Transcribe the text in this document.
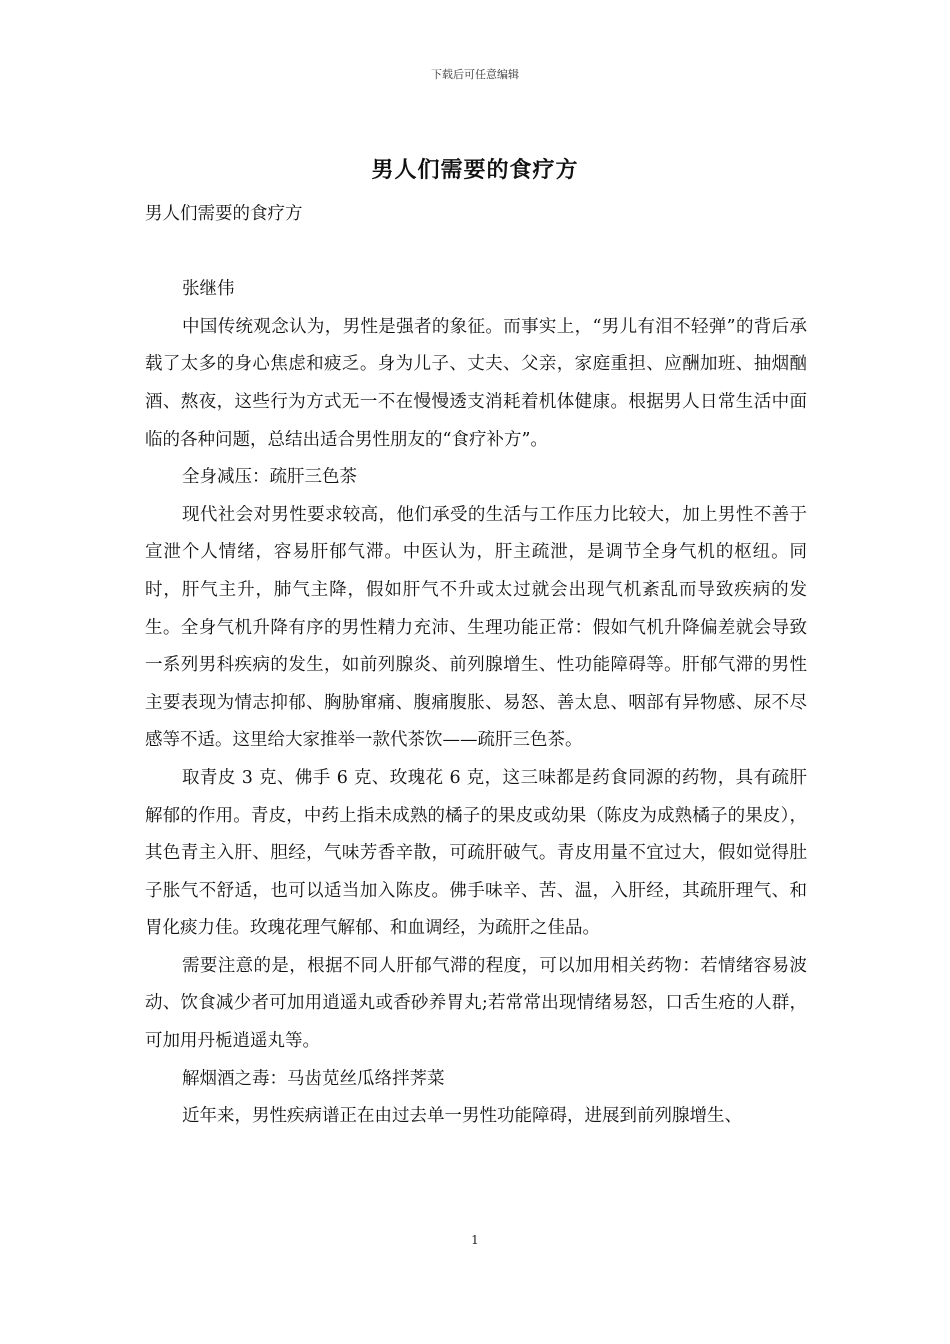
下载后可任意编辑
男人们需要的食疗方

男人们需要的食疗方

张继伟

中国传统观念认为，男性是强者的象征。而事实上，“男儿有泪不轻弹”的背后承载了太多的身心焦虑和疲乏。身为儿子、丈夫、父亲，家庭重担、应酬加班、抽烟酗酒、熬夜，这些行为方式无一不在慢慢透支消耗着机体健康。根据男人日常生活中面临的各种问题，总结出适合男性朋友的“食疗补方”。

全身减压：疏肝三色茶

现代社会对男性要求较高，他们承受的生活与工作压力比较大，加上男性不善于宣泄个人情绪，容易肝郁气滞。中医认为，肝主疏泄，是调节全身气机的枢纽。同时，肝气主升，肺气主降，假如肝气不升或太过就会出现气机紊乱而导致疾病的发生。全身气机升降有序的男性精力充沛、生理功能正常：假如气机升降偏差就会导致一系列男科疾病的发生，如前列腺炎、前列腺增生、性功能障碍等。肝郁气滞的男性主要表现为情志抑郁、胸胁窜痛、腹痛腹胀、易怒、善太息、咽部有异物感、尿不尽感等不适。这里给大家推举一款代茶饮——疏肝三色茶。

取青皮 3 克、佛手 6 克、玫瑰花 6 克，这三味都是药食同源的药物，具有疏肝解郁的作用。青皮，中药上指未成熟的橘子的果皮或幼果（陈皮为成熟橘子的果皮），其色青主入肝、胆经，气味芳香辛散，可疏肝破气。青皮用量不宜过大，假如觉得肚子胀气不舒适，也可以适当加入陈皮。佛手味辛、苦、温，入肝经，其疏肝理气、和胃化痰力佳。玫瑰花理气解郁、和血调经，为疏肝之佳品。

需要注意的是，根据不同人肝郁气滞的程度，可以加用相关药物：若情绪容易波动、饮食减少者可加用逍遥丸或香砂养胃丸;若常常出现情绪易怒，口舌生疮的人群，可加用丹栀逍遥丸等。

解烟酒之毒：马齿苋丝瓜络拌荠菜

近年来，男性疾病谱正在由过去单一男性功能障碍，进展到前列腺增生、

1
